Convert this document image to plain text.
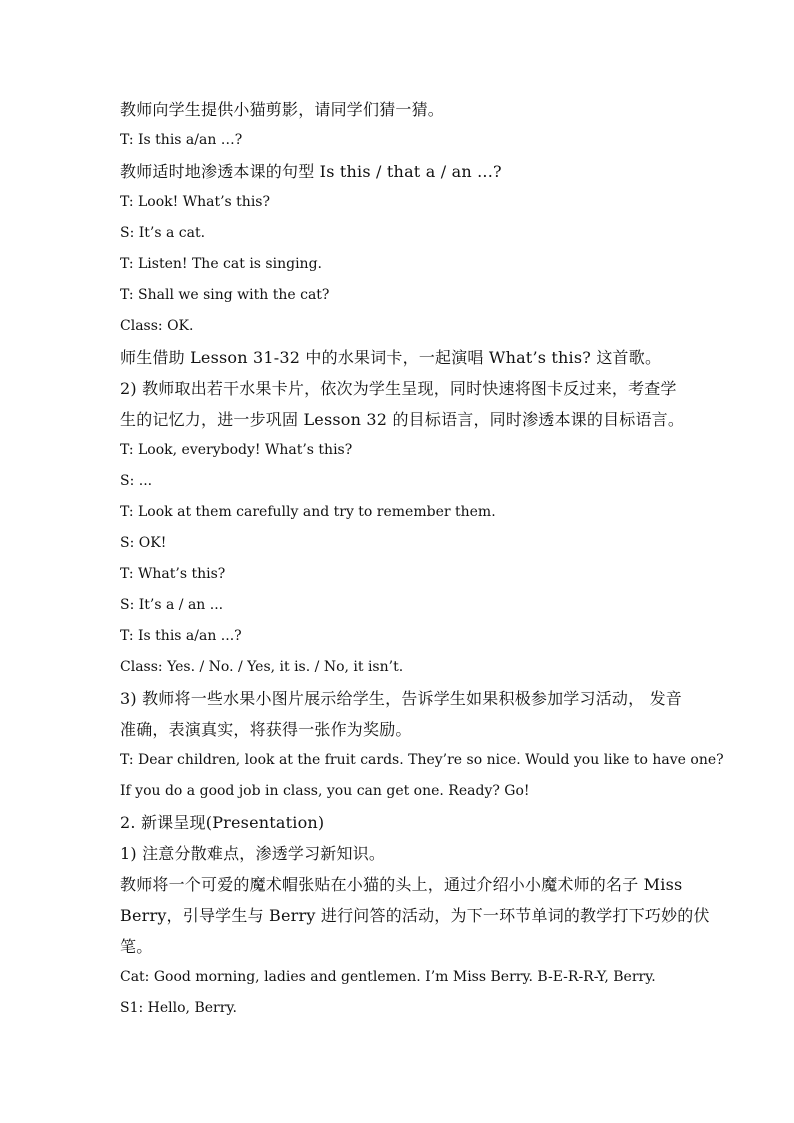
教师向学生提供小猫剪影，请同学们猜一猜。
T: Is this a/an …?
教师适时地渗透本课的句型 Is this / that a / an ...?
T: Look! What’s this?
S: It’s a cat.
T: Listen! The cat is singing.
T: Shall we sing with the cat?
Class: OK.
师生借助 Lesson 31-32 中的水果词卡，一起演唱 What’s this? 这首歌。
2) 教师取出若干水果卡片，依次为学生呈现，同时快速将图卡反过来，考查学
生的记忆力，进一步巩固 Lesson 32 的目标语言，同时渗透本课的目标语言。
T: Look, everybody! What’s this?
S: ...
T: Look at them carefully and try to remember them.
S: OK!
T: What’s this?
S: It’s a / an ...
T: Is this a/an ...?
Class: Yes. / No. / Yes, it is. / No, it isn’t.
3) 教师将一些水果小图片展示给学生，告诉学生如果积极参加学习活动， 发音
准确，表演真实，将获得一张作为奖励。
T: Dear children, look at the fruit cards. They’re so nice. Would you like to have one?
If you do a good job in class, you can get one. Ready? Go!
2. 新课呈现(Presentation)
1) 注意分散难点，渗透学习新知识。
教师将一个可爱的魔术帽张贴在小猫的头上，通过介绍小小魔术师的名子 Miss
Berry，引导学生与 Berry 进行问答的活动，为下一环节单词的教学打下巧妙的伏
笔。
Cat: Good morning, ladies and gentlemen. I’m Miss Berry. B-E-R-R-Y, Berry.
S1: Hello, Berry.
